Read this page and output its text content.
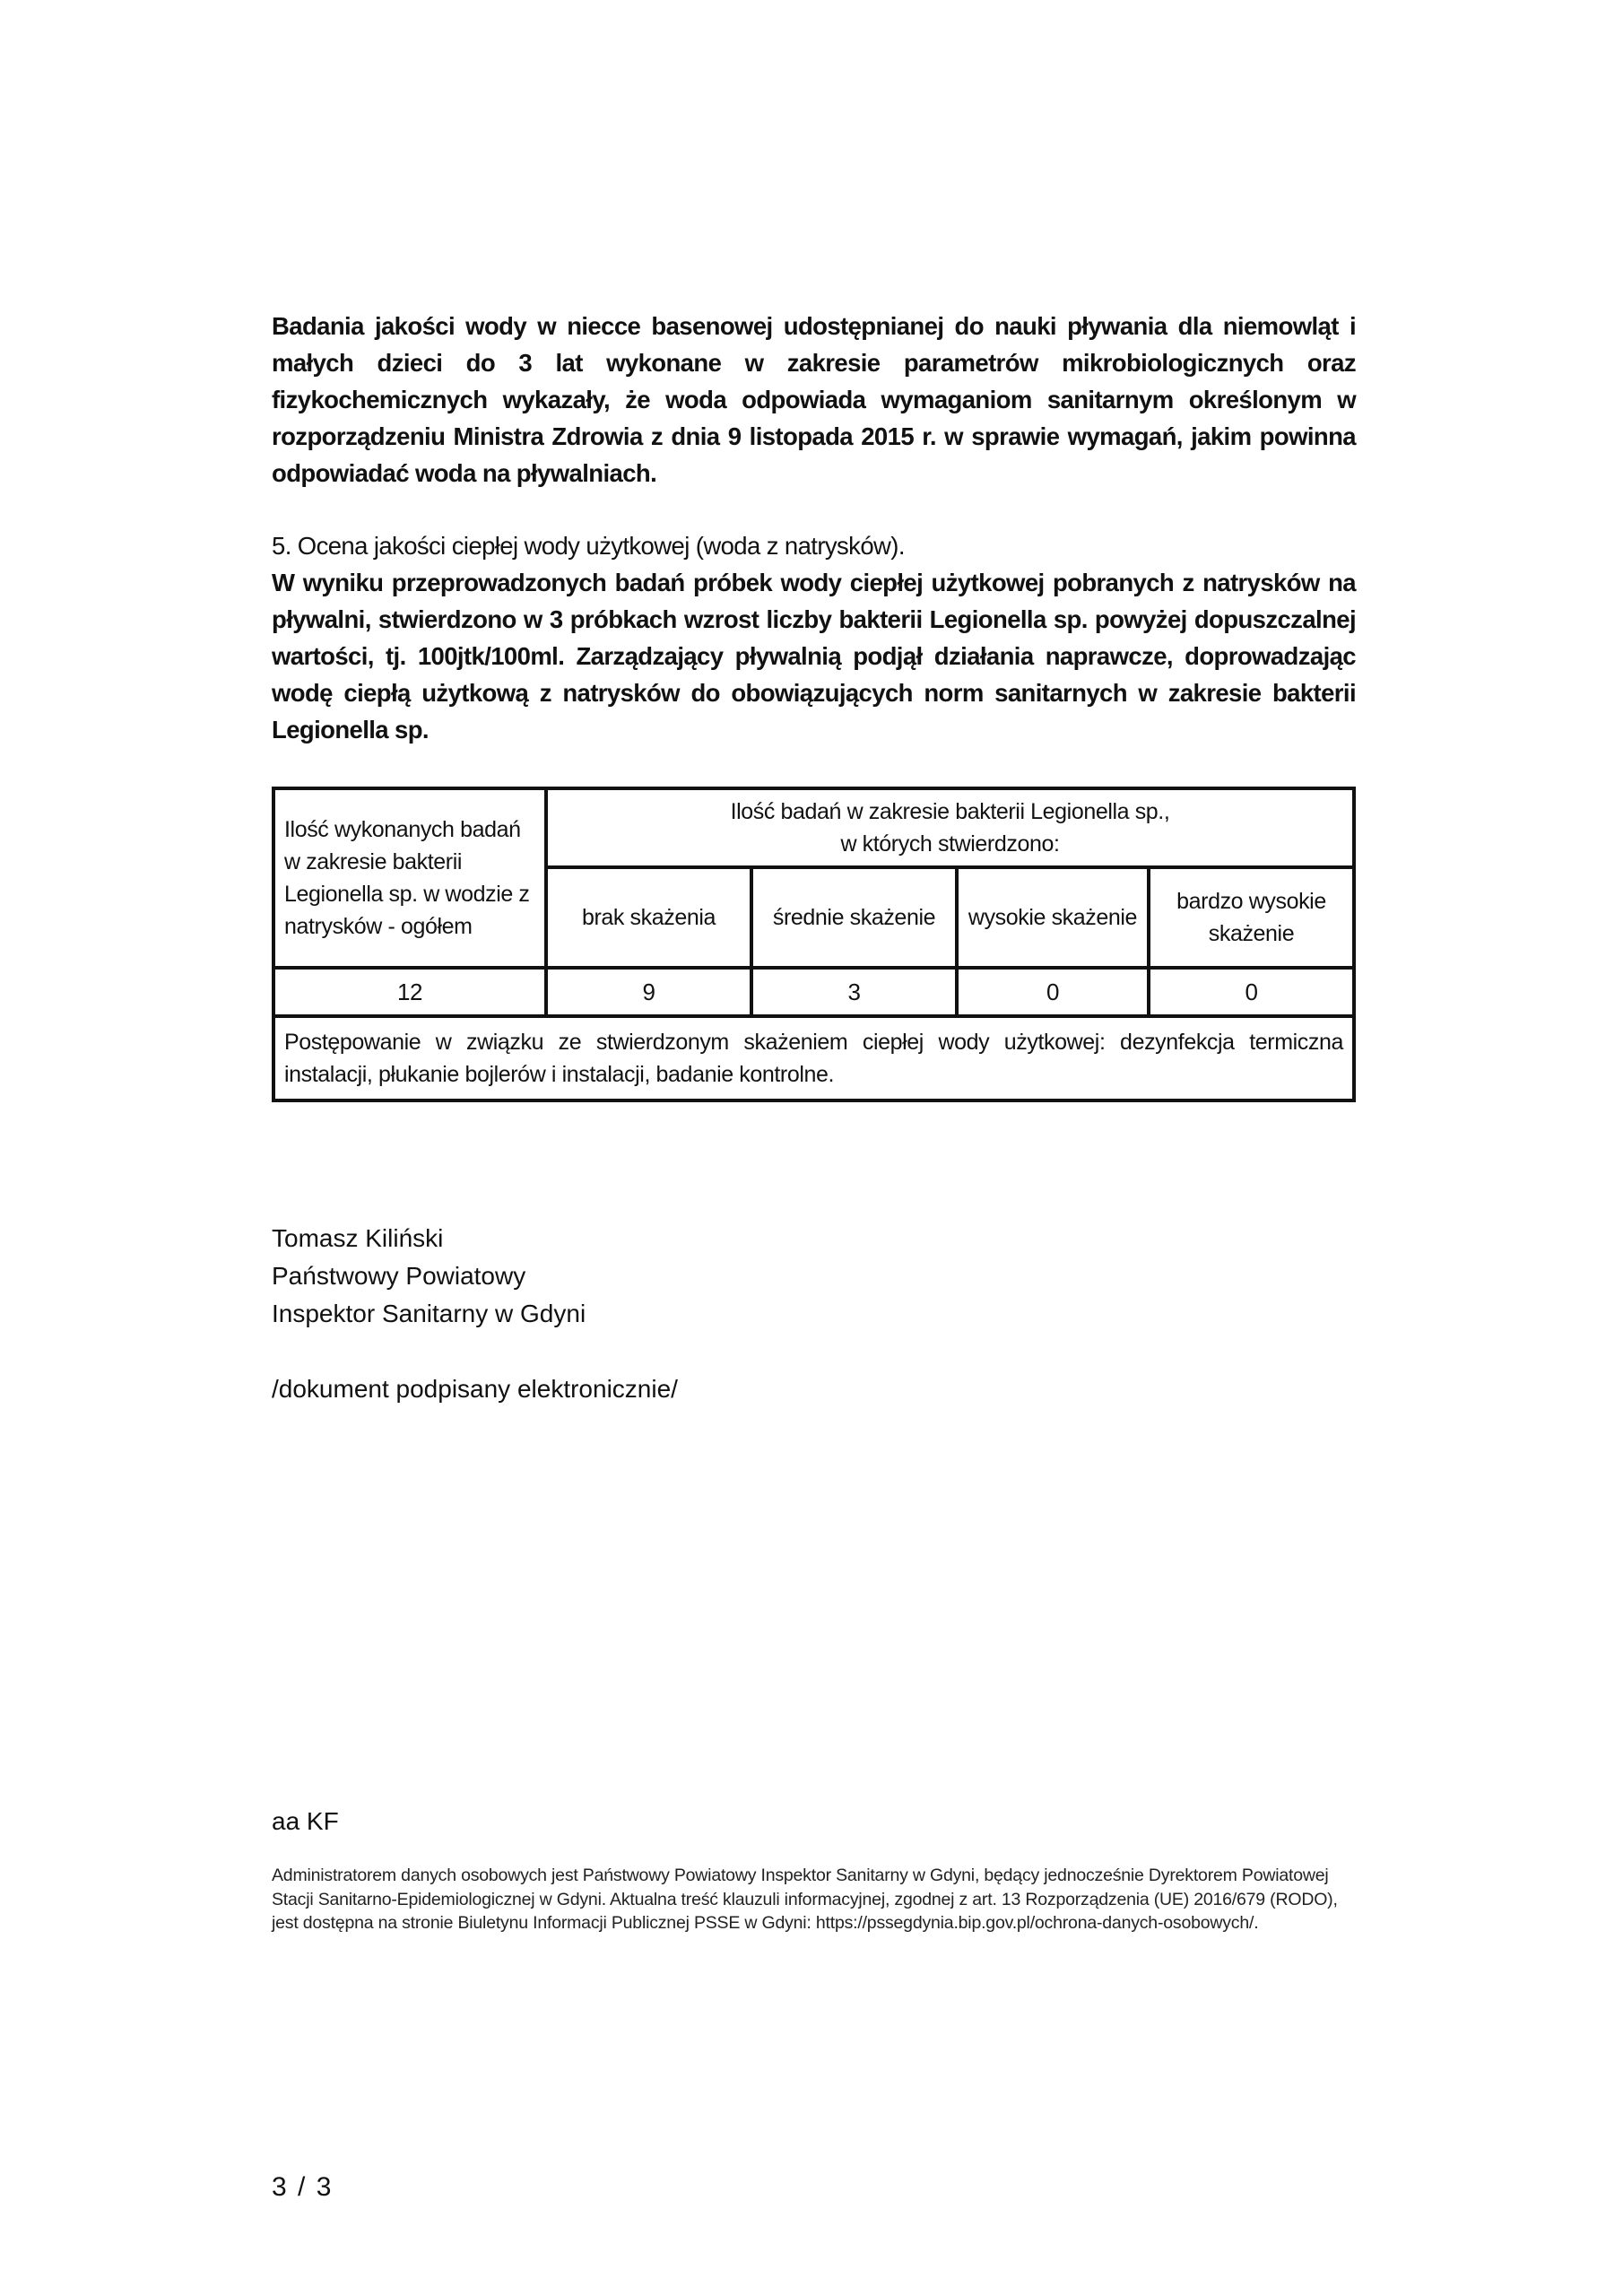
Badania jakości wody w niecce basenowej udostępnianej do nauki pływania dla niemowląt i małych dzieci do 3 lat wykonane w zakresie parametrów mikrobiologicznych oraz fizykochemicznych wykazały, że woda odpowiada wymaganiom sanitarnym określonym w rozporządzeniu Ministra Zdrowia z dnia 9 listopada 2015 r. w sprawie wymagań, jakim powinna odpowiadać woda na pływalniach.

5. Ocena jakości ciepłej wody użytkowej (woda z natrysków).

W wyniku przeprowadzonych badań próbek wody ciepłej użytkowej pobranych z natrysków na pływalni, stwierdzono w 3 próbkach wzrost liczby bakterii Legionella sp. powyżej dopuszczalnej wartości, tj. 100jtk/100ml. Zarządzający pływalnią podjął działania naprawcze, doprowadzając wodę ciepłą użytkową z natrysków do obowiązujących norm sanitarnych w zakresie bakterii Legionella sp.

Ilość wykonanych badań w zakresie bakterii Legionella sp. w wodzie z natrysków - ogółem	Ilość badań w zakresie bakterii Legionella sp.,
w których stwierdzono:			

	brak skażenia	średnie skażenie	wysokie skażenie	bardzo wysokie skażenie
12	9	3	0	0
Postępowanie w związku ze stwierdzonym skażeniem ciepłej wody użytkowej: dezynfekcja termiczna instalacji, płukanie bojlerów i instalacji, badanie kontrolne.				
Tomasz Kiliński
Państwowy Powiatowy
Inspektor Sanitarny w Gdyni
/dokument podpisany elektronicznie/
aa KF
Administratorem danych osobowych jest Państwowy Powiatowy Inspektor Sanitarny w Gdyni, będący jednocześnie Dyrektorem Powiatowej Stacji Sanitarno-Epidemiologicznej w Gdyni. Aktualna treść klauzuli informacyjnej, zgodnej z art. 13 Rozporządzenia (UE) 2016/679 (RODO), jest dostępna na stronie Biuletynu Informacji Publicznej PSSE w Gdyni: https://pssegdynia.bip.gov.pl/ochrona-danych-osobowych/.
3 / 3
